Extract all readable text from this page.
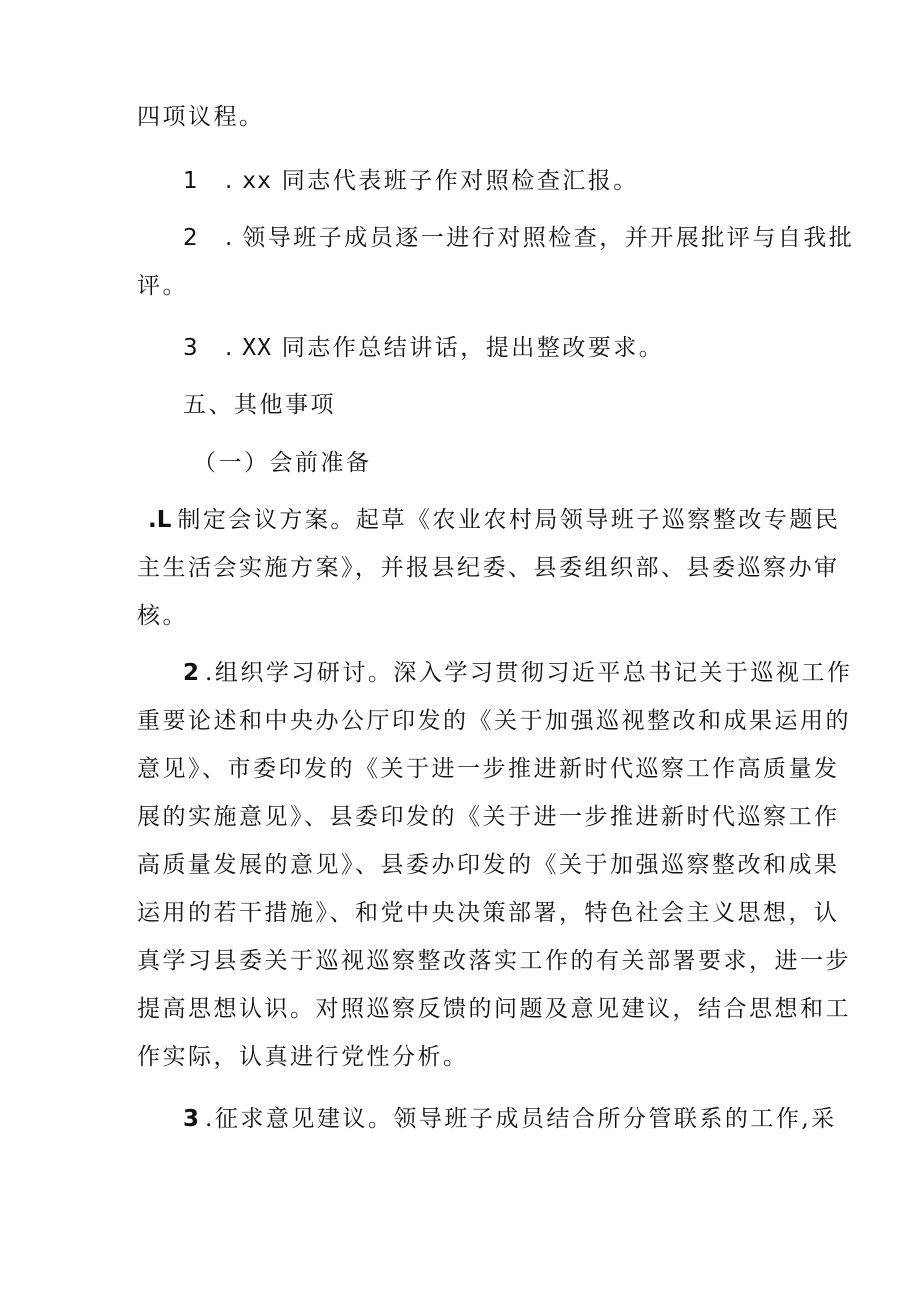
四项议程。
1 .xx 同志代表班子作对照检查汇报。
2 .领导班子成员逐一进行对照检查，并开展批评与自我批
评。
3 .XX 同志作总结讲话，提出整改要求。
五、其他事项
（一）会前准备
.L 制定会议方案。起草《农业农村局领导班子巡察整改专题民
主生活会实施方案》，并报县纪委、县委组织部、县委巡察办审
核。
2 .组织学习研讨。深入学习贯彻习近平总书记关于巡视工作
重要论述和中央办公厅印发的《关于加强巡视整改和成果运用的
意见》、市委印发的《关于进一步推进新时代巡察工作高质量发
展的实施意见》、县委印发的《关于进一步推进新时代巡察工作
高质量发展的意见》、县委办印发的《关于加强巡察整改和成果
运用的若干措施》、和党中央决策部署，特色社会主义思想，认
真学习县委关于巡视巡察整改落实工作的有关部署要求，进一步
提高思想认识。对照巡察反馈的问题及意见建议，结合思想和工
作实际，认真进行党性分析。
3 .征求意见建议。领导班子成员结合所分管联系的工作,采
